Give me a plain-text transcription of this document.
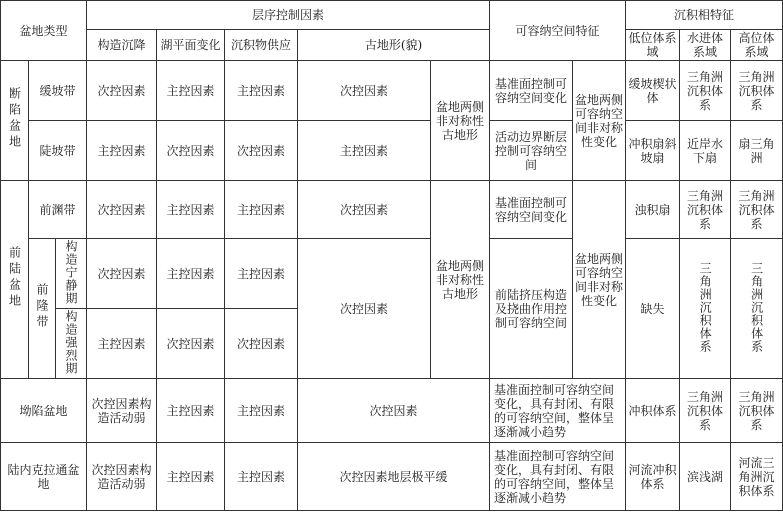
盆地类型			层序控制因素					可容纳空间特征		沉积相特征		
			构造沉降	湖平面变化	沉积物供应	古地形(貌)				低位体系域	水进体系域	高位体系域
断陷盆地	缓坡带		次控因素	主控因素	主控因素	次控因素	盆地两侧非对称性古地形	基准面控制可容纳空间变化	盆地两侧可容纳空间非对称性变化	缓坡楔状体	三角洲沉积体系	三角洲沉积体系
	陡坡带		主控因素	次控因素	次控因素	主控因素		活动边界断层控制可容纳空间		冲积扇斜坡扇	近岸水下扇	扇三角洲
前陆盆地	前渊带		次控因素	主控因素	主控因素	次控因素	盆地两侧非对称性古地形	基准面控制可容纳空间变化	盆地两侧可容纳空间非对称性变化	浊积扇	三角洲沉积体系	三角洲沉积体系
	前隆带	构造宁静期	次控因素	主控因素	主控因素	次控因素		前陆挤压构造及挠曲作用控制可容纳空间		缺失	三角洲沉积体系	三角洲沉积体系
		构造强烈期	主控因素	次控因素	次控因素							
坳陷盆地			次控因素构造活动弱	主控因素	主控因素	次控因素		基准面控制可容纳空间变化，具有封闭、有限的可容纳空间，整体呈逐渐减小趋势		冲积体系	三角洲沉积体系	三角洲沉积体系
陆内克拉通盆地			次控因素构造活动弱	主控因素	主控因素	次控因素地层极平缓		基准面控制可容纳空间变化，具有封闭、有限的可容纳空间，整体呈逐渐减小趋势		河流冲积体系	滨浅湖	河流三角洲沉积体系
